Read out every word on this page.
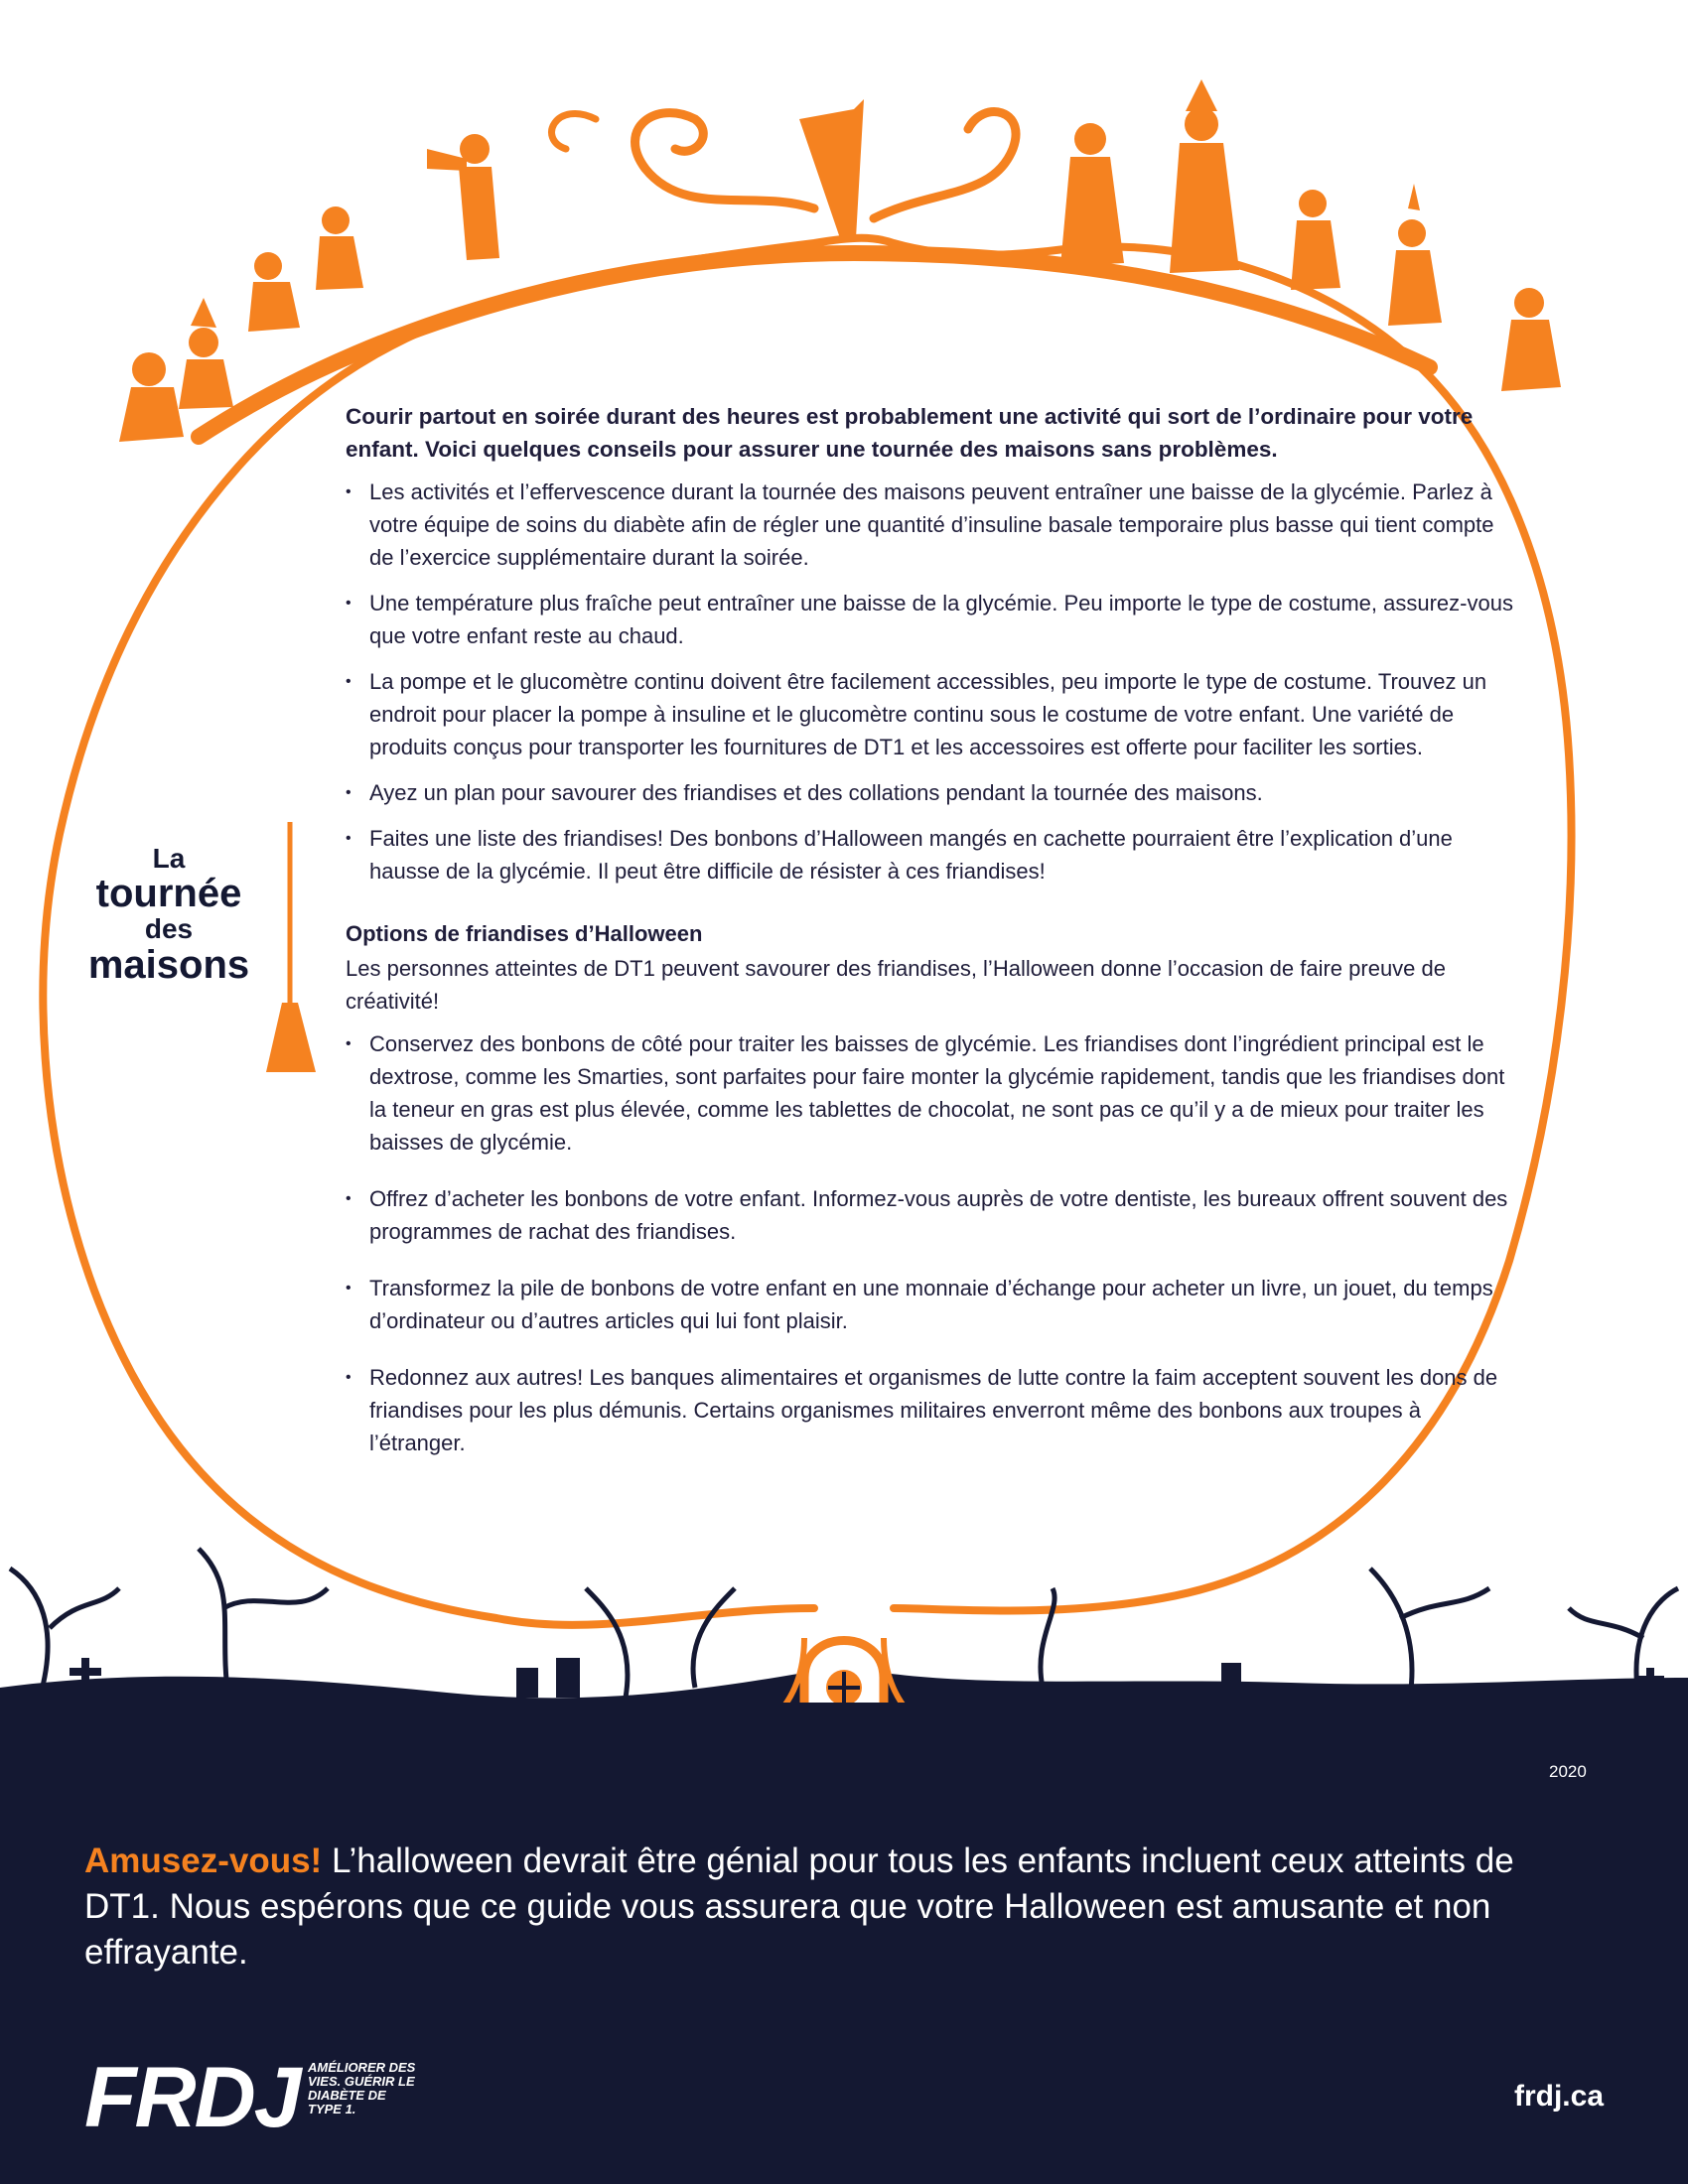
La
tournée
des
maisons

Courir partout en soirée durant des heures est probablement une activité qui sort de l’ordinaire pour votre enfant. Voici quelques conseils pour assurer une tournée des maisons sans problèmes.

• Les activités et l’effervescence durant la tournée des maisons peuvent entraîner une baisse de la glycémie. Parlez à votre équipe de soins du diabète afin de régler une quantité d’insuline basale temporaire plus basse qui tient compte de l’exercice supplémentaire durant la soirée.
• Une température plus fraîche peut entraîner une baisse de la glycémie. Peu importe le type de costume, assurez-vous que votre enfant reste au chaud.
• La pompe et le glucomètre continu doivent être facilement accessibles, peu importe le type de costume. Trouvez un endroit pour placer la pompe à insuline et le glucomètre continu sous le costume de votre enfant. Une variété de produits conçus pour transporter les fournitures de DT1 et les accessoires est offerte pour faciliter les sorties.
• Ayez un plan pour savourer des friandises et des collations pendant la tournée des maisons.
• Faites une liste des friandises! Des bonbons d’Halloween mangés en cachette pourraient être l’explication d’une hausse de la glycémie. Il peut être difficile de résister à ces friandises!

Options de friandises d’Halloween

Les personnes atteintes de DT1 peuvent savourer des friandises, l’Halloween donne l’occasion de faire preuve de créativité!

• Conservez des bonbons de côté pour traiter les baisses de glycémie. Les friandises dont l’ingrédient principal est le dextrose, comme les Smarties, sont parfaites pour faire monter la glycémie rapidement, tandis que les friandises dont la teneur en gras est plus élevée, comme les tablettes de chocolat, ne sont pas ce qu’il y a de mieux pour traiter les baisses de glycémie.
• Offrez d’acheter les bonbons de votre enfant. Informez-vous auprès de votre dentiste, les bureaux offrent souvent des programmes de rachat des friandises.
• Transformez la pile de bonbons de votre enfant en une monnaie d’échange pour acheter un livre, un jouet, du temps d’ordinateur ou d’autres articles qui lui font plaisir.
• Redonnez aux autres! Les banques alimentaires et organismes de lutte contre la faim acceptent souvent les dons de friandises pour les plus démunis. Certains organismes militaires enverront même des bonbons aux troupes à l’étranger.
2020
Amusez-vous! L’halloween devrait être génial pour tous les enfants incluent ceux atteints de DT1. Nous espérons que ce guide vous assurera que votre Halloween est amusante et non effrayante.
FRDJ AMÉLIORER DES VIES. GUÉRIR LE DIABÈTE DE TYPE 1.	frdj.ca
